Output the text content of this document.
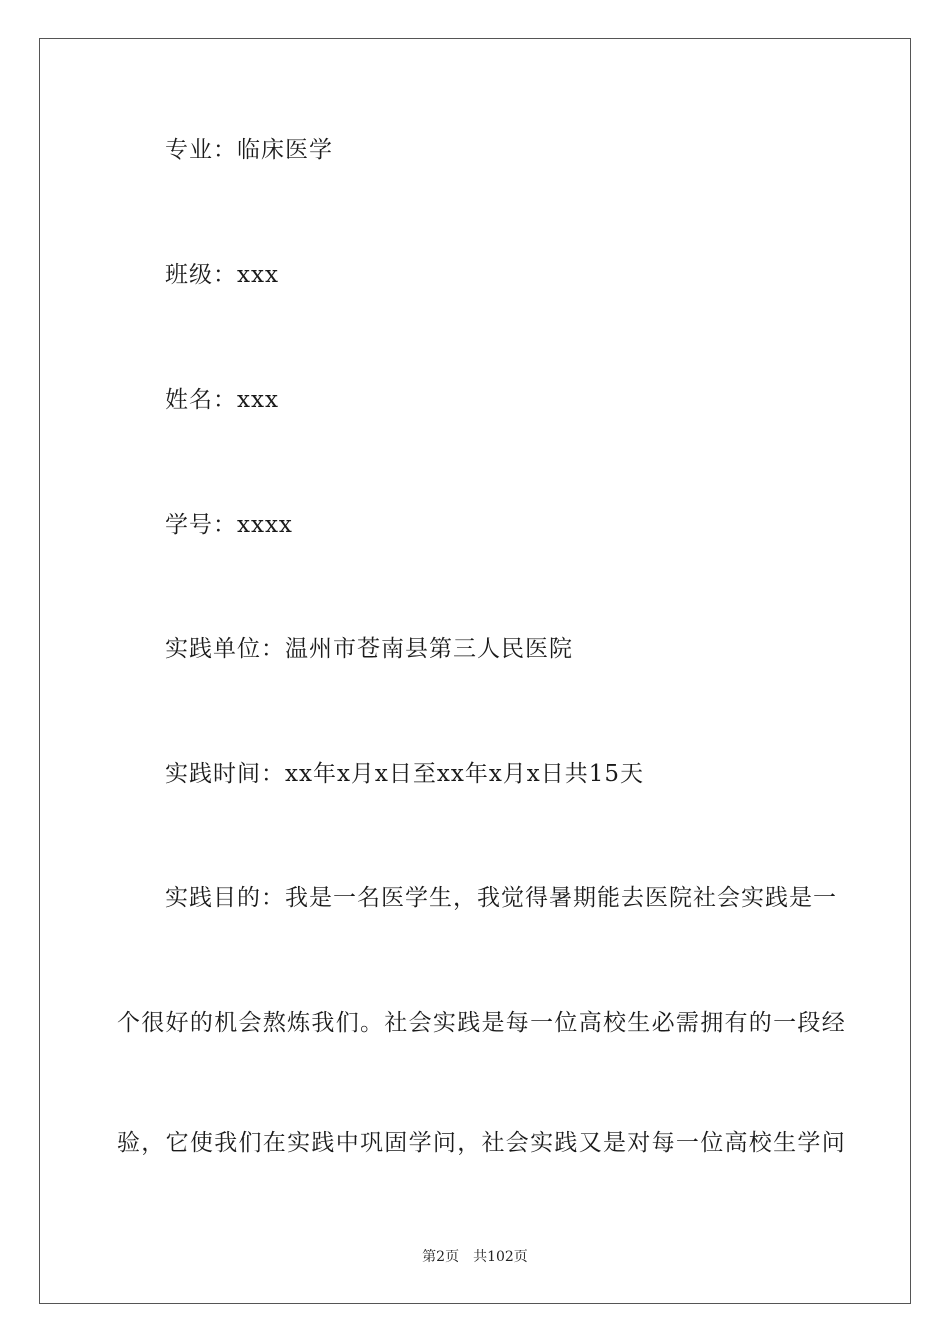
专业：临床医学
班级：xxx
姓名：xxx
学号：xxxx
实践单位：温州市苍南县第三人民医院
实践时间：xx年x月x日至xx年x月x日共15天
实践目的：我是一名医学生，我觉得暑期能去医院社会实践是一
个很好的机会熬炼我们。社会实践是每一位高校生必需拥有的一段经
验，它使我们在实践中巩固学问，社会实践又是对每一位高校生学问
第2页　共102页
